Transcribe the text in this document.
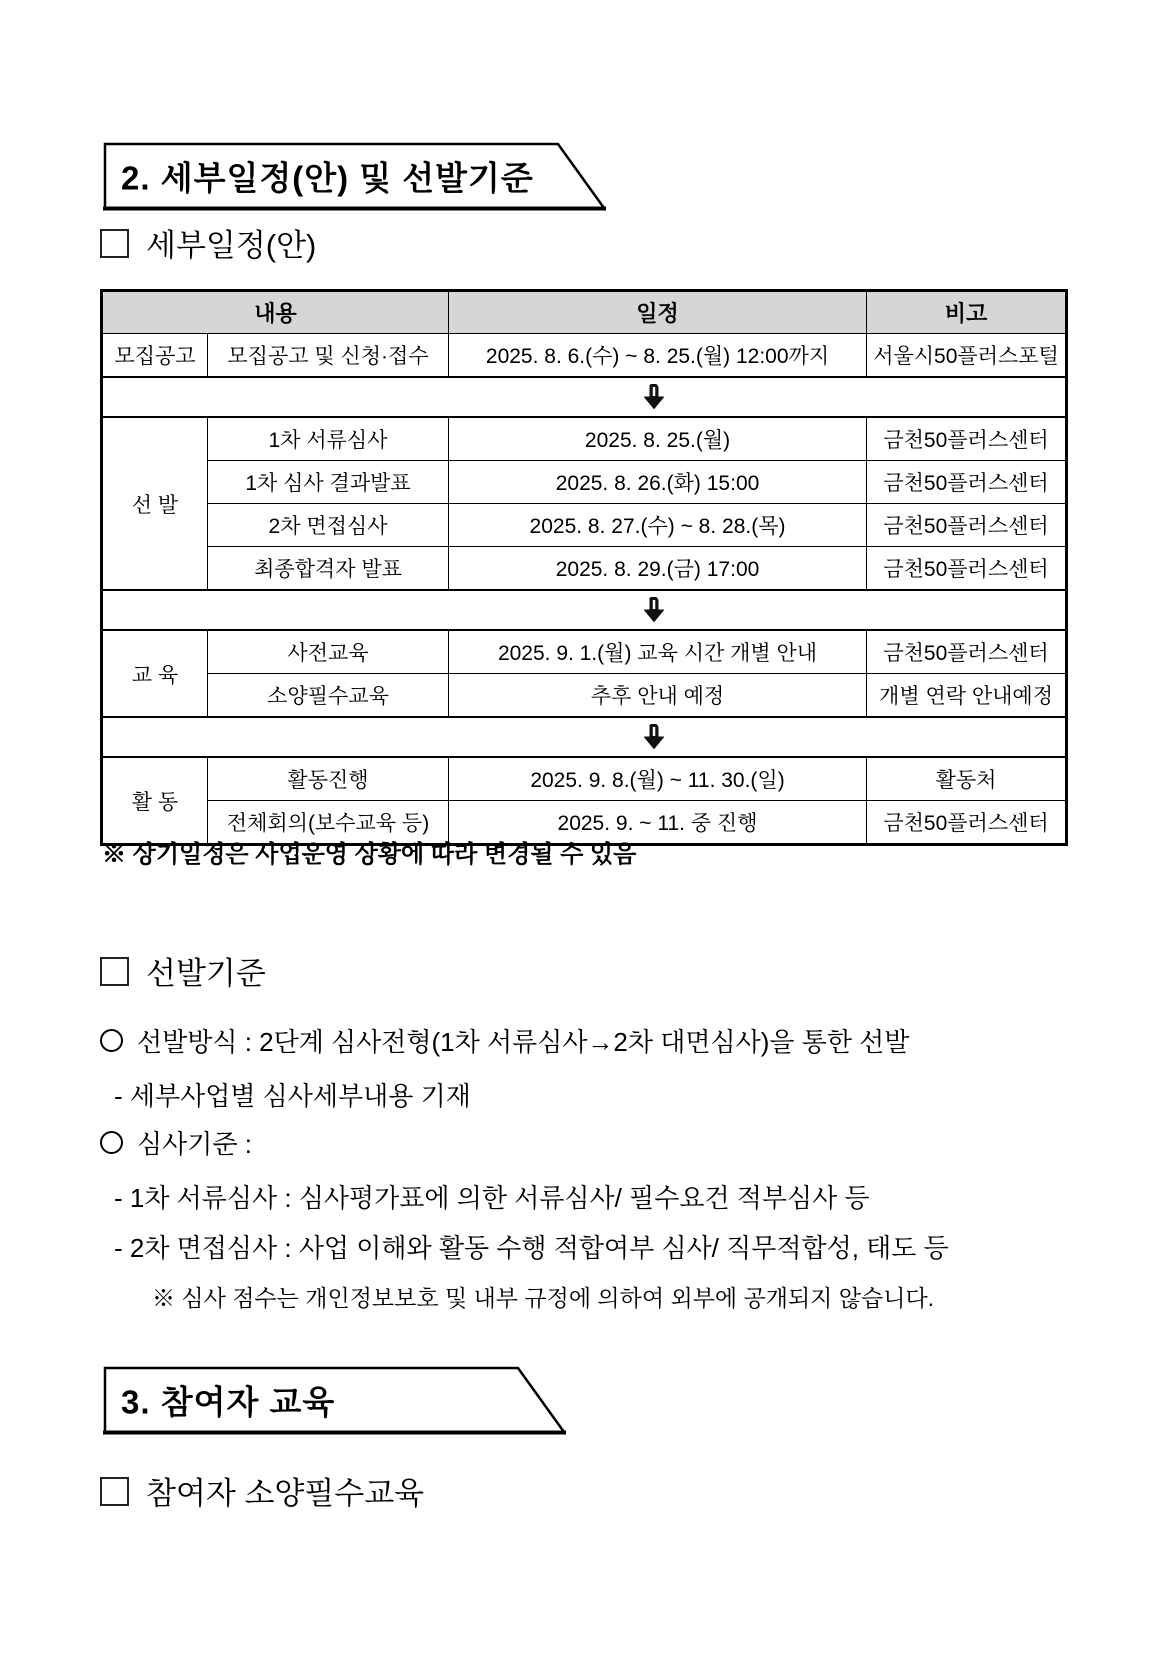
2. 세부일정(안) 및 선발기준
세부일정(안)
내용		일정	비고
모집공고	모집공고 및 신청·접수	2025. 8. 6.(수) ~ 8. 25.(월) 12:00까지	서울시50플러스포털

선 발	1차 서류심사	2025. 8. 25.(월)	금천50플러스센터
	1차 심사 결과발표	2025. 8. 26.(화) 15:00	금천50플러스센터
	2차 면접심사	2025. 8. 27.(수) ~ 8. 28.(목)	금천50플러스센터
	최종합격자 발표	2025. 8. 29.(금) 17:00	금천50플러스센터

교 육	사전교육	2025. 9. 1.(월) 교육 시간 개별 안내	금천50플러스센터
	소양필수교육	추후 안내 예정	개별 연락 안내예정

활 동	활동진행	2025. 9. 8.(월) ~ 11. 30.(일)	활동처
	전체회의(보수교육 등)	2025. 9. ~ 11. 중 진행	금천50플러스센터
※ 상기일정은 사업운영 상황에 따라 변경될 수 있음
선발기준
선발방식 : 2단계 심사전형(1차 서류심사→2차 대면심사)을 통한 선발
- 세부사업별 심사세부내용 기재
심사기준 :
- 1차 서류심사 : 심사평가표에 의한 서류심사/ 필수요건 적부심사 등
- 2차 면접심사 : 사업 이해와 활동 수행 적합여부 심사/ 직무적합성, 태도 등
※ 심사 점수는 개인정보보호 및 내부 규정에 의하여 외부에 공개되지 않습니다.
3. 참여자 교육
참여자 소양필수교육
